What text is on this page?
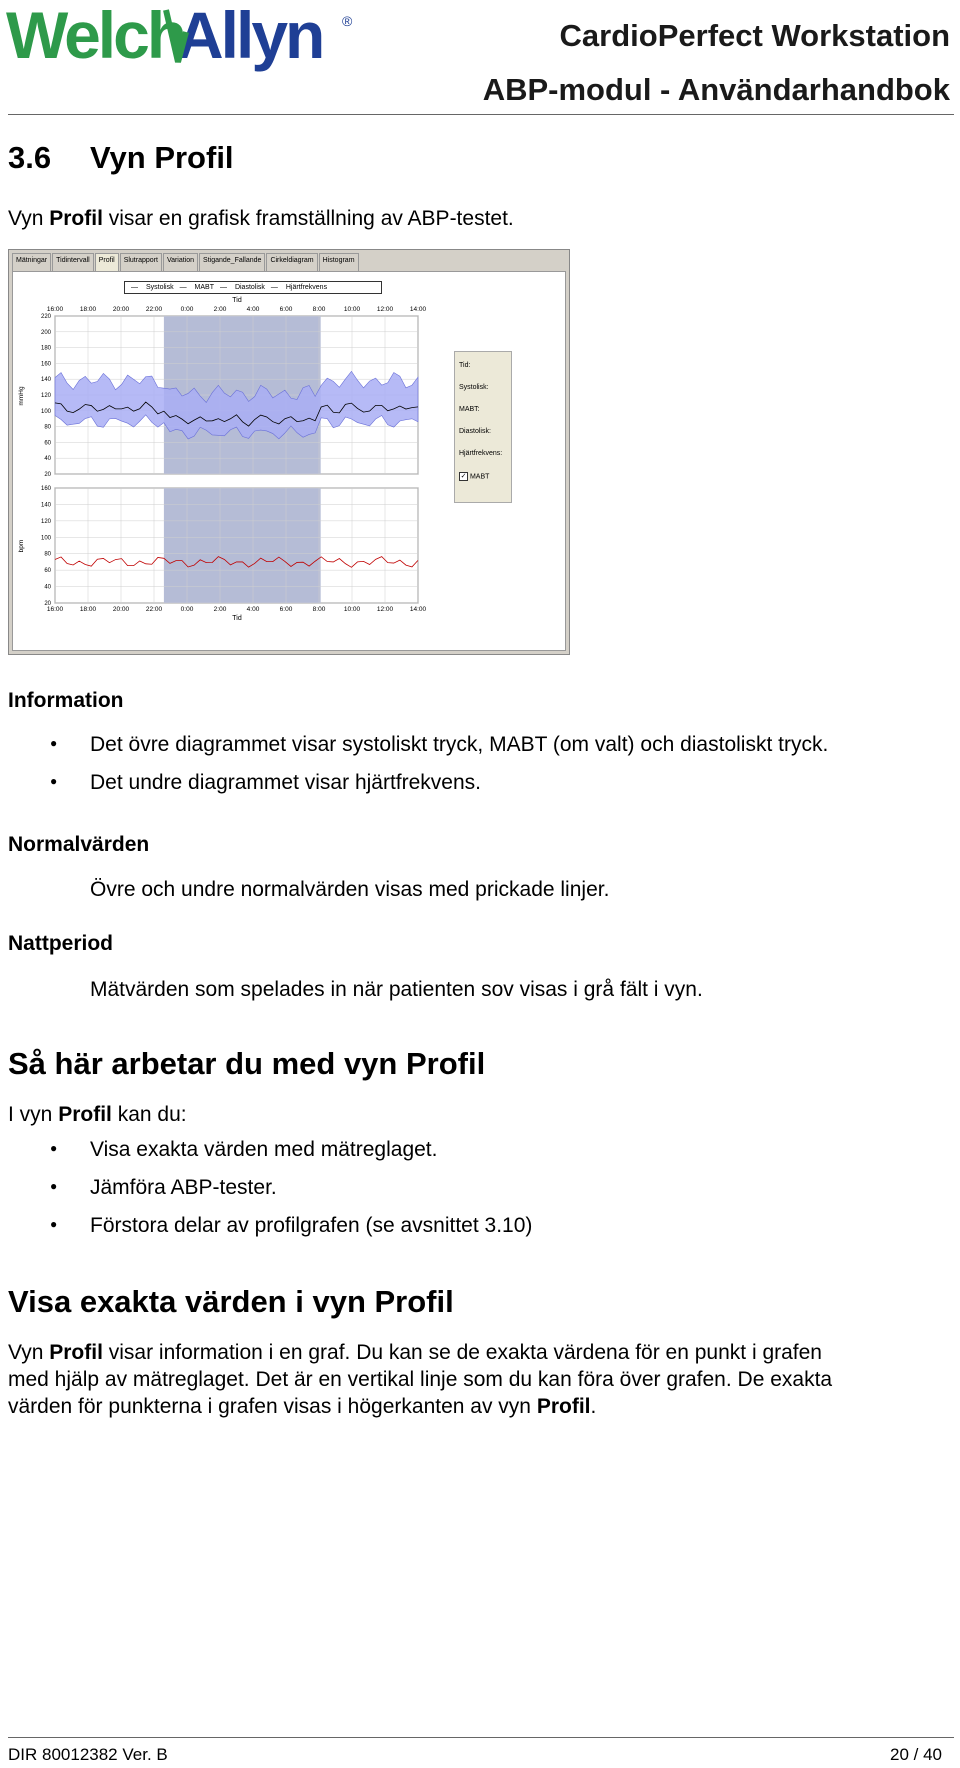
Welch
Allyn ®	CardioPerfect Workstation
ABP-modul - Användarhandbok
3.6 Vyn Profil
Vyn Profil visar en grafisk framställning av ABP-testet.
Mätningar	Tidintervall	Profil	Slutrapport	Variation	Stigande_Fallande	Cirkeldiagram	Histogram
— Systolisk — MABT — Diastolisk — Hjärtfrekvens
Tid
16:00	18:00	20:00	22:00	0:00	2:00	4:00	6:00	8:00	10:00	12:00	14:00
220
200
180
160
140
120
100
80
60
40
20
mmHg
160
140
120
100
80
60
40
20
bpm
16:00	18:00	20:00	22:00	0:00	2:00	4:00	6:00	8:00	10:00	12:00	14:00
Tid
Tid:
Systolisk:
MABT:
Diastolisk:
Hjärtfrekvens:
✓ MABT
Information
● Det övre diagrammet visar systoliskt tryck, MABT (om valt) och diastoliskt tryck.
● Det undre diagrammet visar hjärtfrekvens.
Normalvärden
Övre och undre normalvärden visas med prickade linjer.
Nattperiod
Mätvärden som spelades in när patienten sov visas i grå fält i vyn.
Så här arbetar du med vyn Profil
I vyn Profil kan du:
● Visa exakta värden med mätreglaget.
● Jämföra ABP-tester.
● Förstora delar av profilgrafen (se avsnittet 3.10)
Visa exakta värden i vyn Profil
Vyn Profil visar information i en graf. Du kan se de exakta värdena för en punkt i grafen
med hjälp av mätreglaget. Det är en vertikal linje som du kan föra över grafen. De exakta
värden för punkterna i grafen visas i högerkanten av vyn Profil.
DIR 80012382 Ver. B	20 / 40
